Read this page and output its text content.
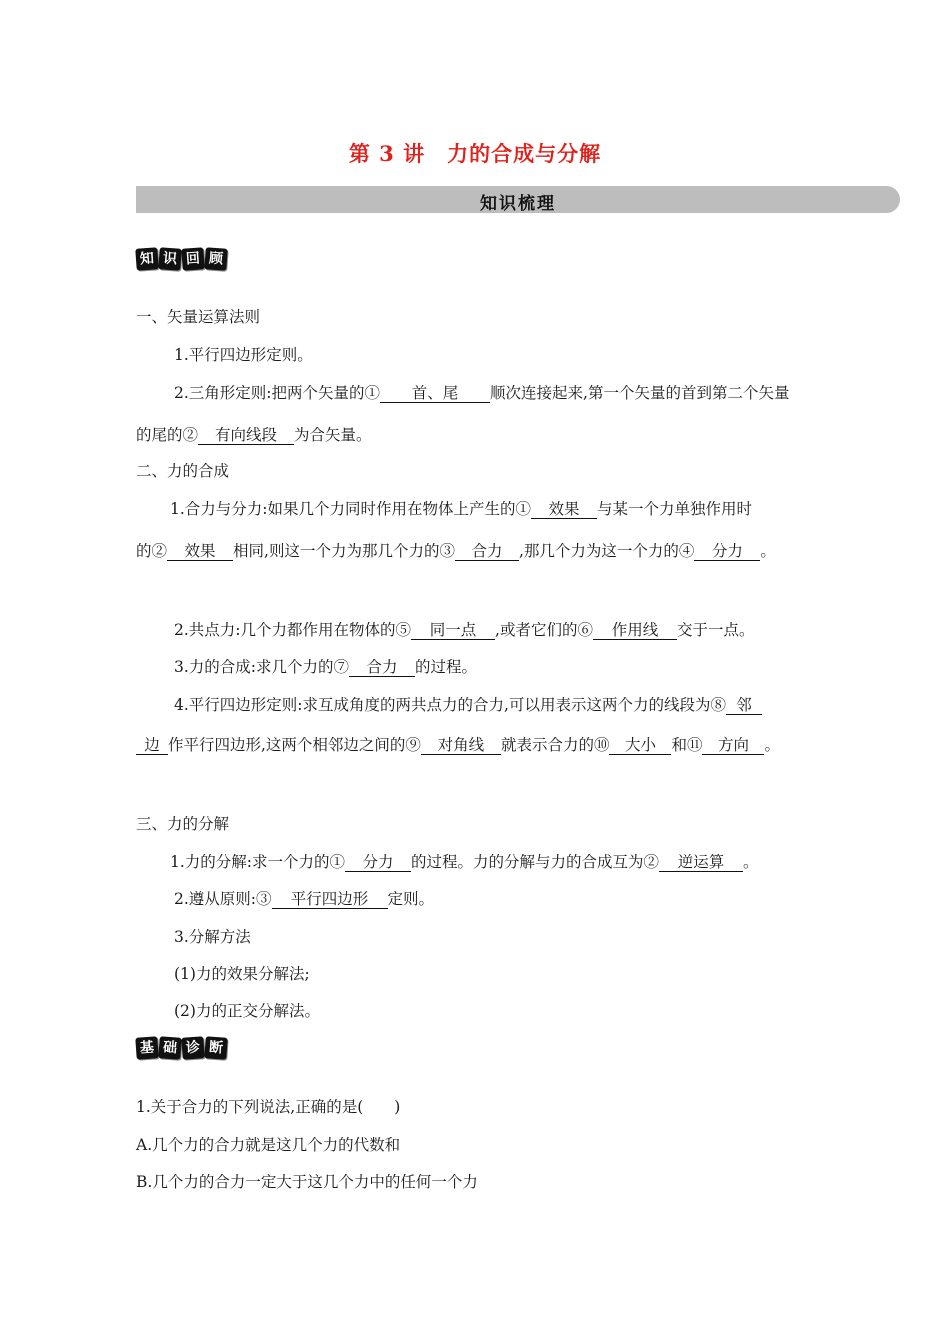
第 3 讲　力的合成与分解
知识梳理
知 识 回 顾
一、矢量运算法则
1.平行四边形定则。
2.三角形定则:把两个矢量的① 首、尾 顺次连接起来,第一个矢量的首到第二个矢量
的尾的② 有向线段 为合矢量。
二、力的合成
1.合力与分力:如果几个力同时作用在物体上产生的① 效果 与某一个力单独作用时
的② 效果 相同,则这一个力为那几个力的③ 合力 ,那几个力为这一个力的④ 分力 。
2.共点力:几个力都作用在物体的⑤ 同一点 ,或者它们的⑥ 作用线 交于一点。
3.力的合成:求几个力的⑦ 合力 的过程。
4.平行四边形定则:求互成角度的两共点力的合力,可以用表示这两个力的线段为⑧ 邻
边 作平行四边形,这两个相邻边之间的⑨ 对角线 就表示合力的⑩ 大小 和⑪ 方向 。
三、力的分解
1.力的分解:求一个力的① 分力 的过程。力的分解与力的合成互为② 逆运算 。
2.遵从原则:③ 平行四边形 定则。
3.分解方法
(1)力的效果分解法;
(2)力的正交分解法。
基 础 诊 断
1.关于合力的下列说法,正确的是(　　)
A.几个力的合力就是这几个力的代数和
B.几个力的合力一定大于这几个力中的任何一个力
